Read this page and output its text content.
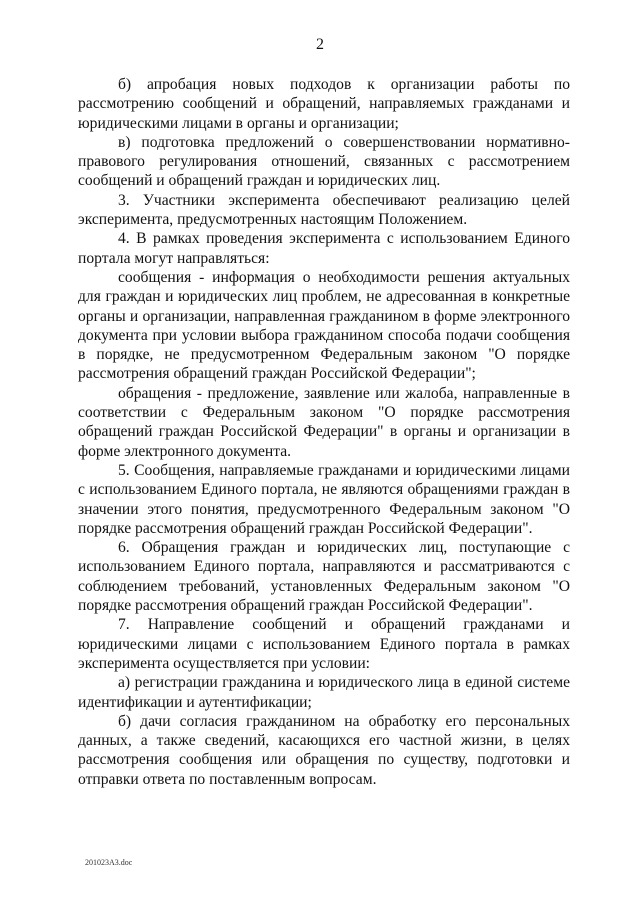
2

б) апробация новых подходов к организации работы по рассмотрению сообщений и обращений, направляемых гражданами и юридическими лицами в органы и организации;

в) подготовка предложений о совершенствовании нормативно-правового регулирования отношений, связанных с рассмотрением сообщений и обращений граждан и юридических лиц.

3. Участники эксперимента обеспечивают реализацию целей эксперимента, предусмотренных настоящим Положением.

4. В рамках проведения эксперимента с использованием Единого портала могут направляться:

сообщения - информация о необходимости решения актуальных для граждан и юридических лиц проблем, не адресованная в конкретные органы и организации, направленная гражданином в форме электронного документа при условии выбора гражданином способа подачи сообщения в порядке, не предусмотренном Федеральным законом "О порядке рассмотрения обращений граждан Российской Федерации";

обращения - предложение, заявление или жалоба, направленные в соответствии с Федеральным законом "О порядке рассмотрения обращений граждан Российской Федерации" в органы и организации в форме электронного документа.

5. Сообщения, направляемые гражданами и юридическими лицами с использованием Единого портала, не являются обращениями граждан в значении этого понятия, предусмотренного Федеральным законом "О порядке рассмотрения обращений граждан Российской Федерации".

6. Обращения граждан и юридических лиц, поступающие с использованием Единого портала, направляются и рассматриваются с соблюдением требований, установленных Федеральным законом "О порядке рассмотрения обращений граждан Российской Федерации".

7. Направление сообщений и обращений гражданами и юридическими лицами с использованием Единого портала в рамках эксперимента осуществляется при условии:

а) регистрации гражданина и юридического лица в единой системе идентификации и аутентификации;

б) дачи согласия гражданином на обработку его персональных данных, а также сведений, касающихся его частной жизни, в целях рассмотрения сообщения или обращения по существу, подготовки и отправки ответа по поставленным вопросам.

201023A3.doc
